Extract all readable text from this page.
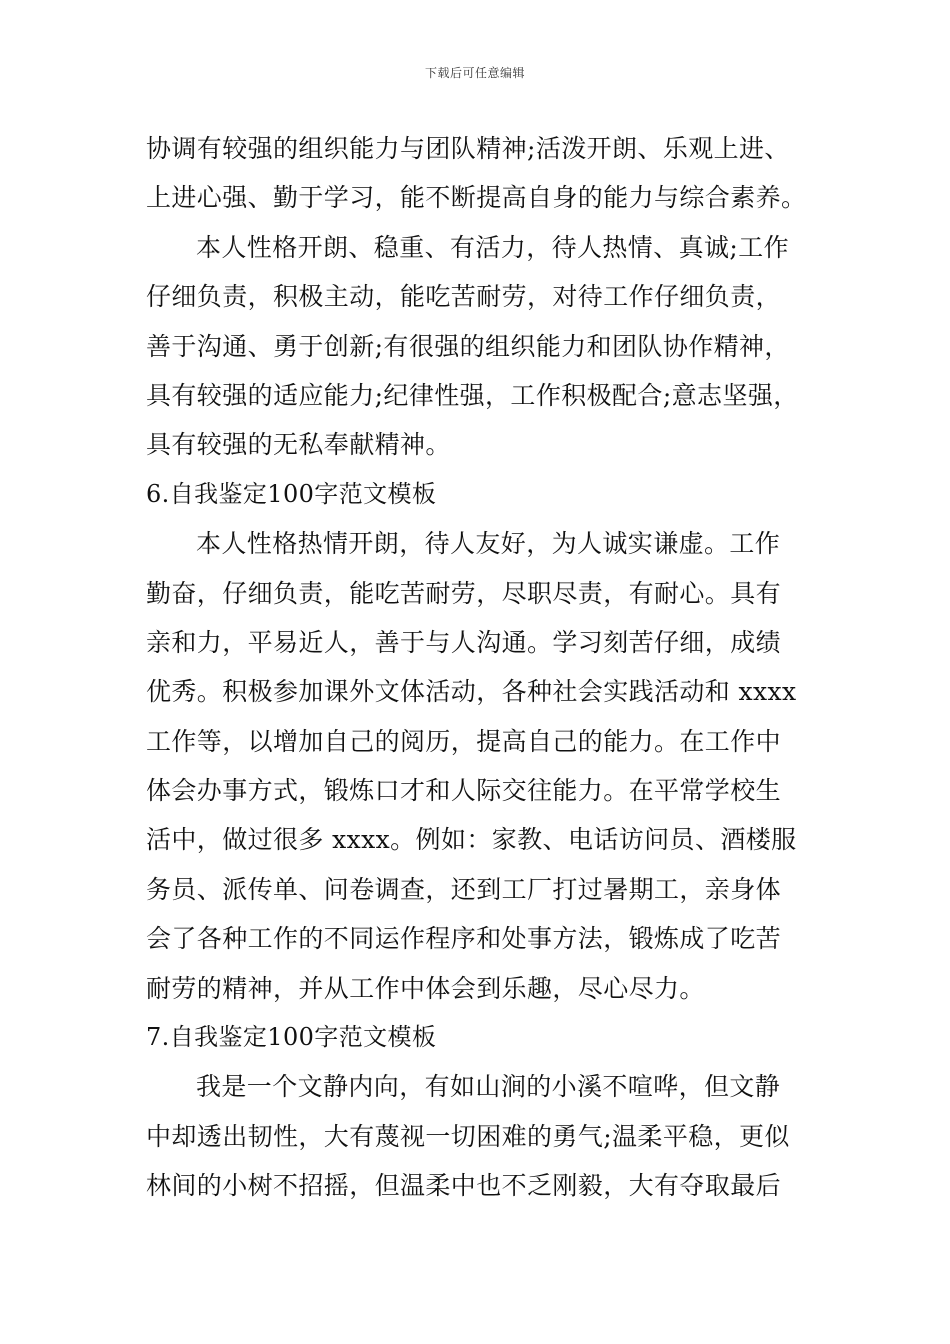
下载后可任意编辑
协调有较强的组织能力与团队精神;活泼开朗、乐观上进、
上进心强、勤于学习，能不断提高自身的能力与综合素养。
本人性格开朗、稳重、有活力，待人热情、真诚;工作
仔细负责，积极主动，能吃苦耐劳，对待工作仔细负责，
善于沟通、勇于创新;有很强的组织能力和团队协作精神，
具有较强的适应能力;纪律性强，工作积极配合;意志坚强，
具有较强的无私奉献精神。
6.自我鉴定100字范文模板
本人性格热情开朗，待人友好，为人诚实谦虚。工作
勤奋，仔细负责，能吃苦耐劳，尽职尽责，有耐心。具有
亲和力，平易近人，善于与人沟通。学习刻苦仔细，成绩
优秀。积极参加课外文体活动，各种社会实践活动和 xxxx
工作等，以增加自己的阅历，提高自己的能力。在工作中
体会办事方式，锻炼口才和人际交往能力。在平常学校生
活中，做过很多 xxxx。例如：家教、电话访问员、酒楼服
务员、派传单、问卷调查，还到工厂打过暑期工，亲身体
会了各种工作的不同运作程序和处事方法，锻炼成了吃苦
耐劳的精神，并从工作中体会到乐趣，尽心尽力。
7.自我鉴定100字范文模板
我是一个文静内向，有如山涧的小溪不喧哗，但文静
中却透出韧性，大有蔑视一切困难的勇气;温柔平稳，更似
林间的小树不招摇，但温柔中也不乏刚毅，大有夺取最后
